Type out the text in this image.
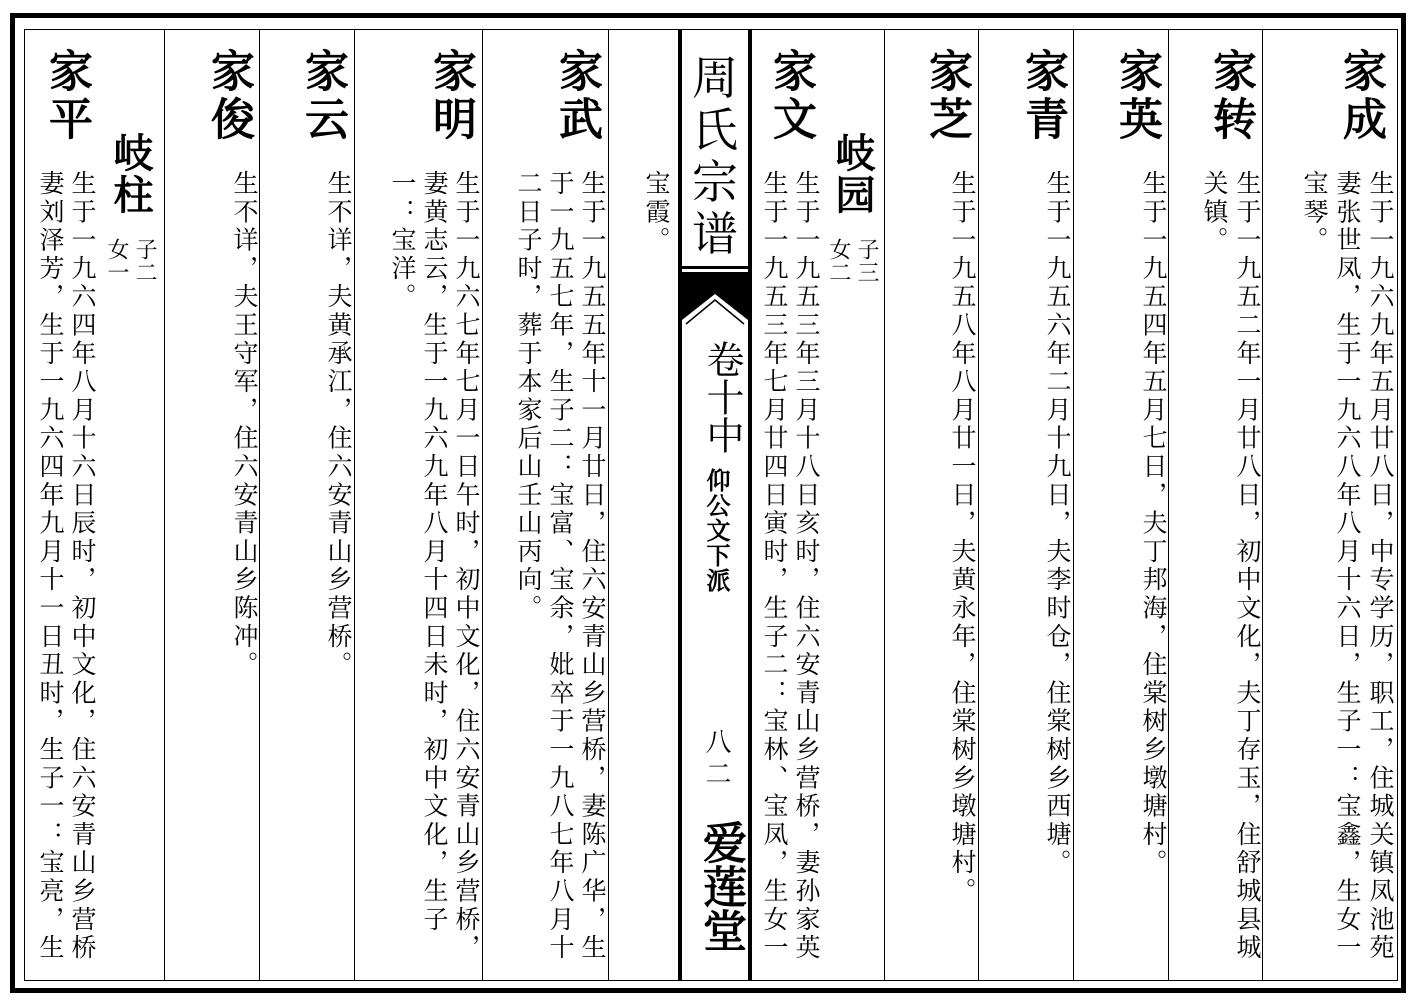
周氏宗谱
卷十中
仰公文下派
八二
爱莲堂
家成
生于一九六九年五月廿八日，中专学历，职工，住城关镇凤池苑
妻张世凤，生于一九六八年八月十六日，生子一：宝鑫，生女一
宝琴。
家转
生于一九五二年一月廿八日，初中文化，夫丁存玉，住舒城县城
关镇。
家英
生于一九五四年五月七日，夫丁邦海，住棠树乡墩塘村。
家青
生于一九五六年二月十九日，夫李时仓，住棠树乡西塘。
家芝
生于一九五八年八月廿一日，夫黄永年，住棠树乡墩塘村。
岐园
子三
女二
家文
生于一九五三年三月十八日亥时，住六安青山乡营桥，妻孙家英
生于一九五三年七月廿四日寅时，生子二：宝林、宝凤，生女一
宝霞。
家武
生于一九五五年十一月廿日，住六安青山乡营桥，妻陈广华，生
于一九五七年，生子二：宝富、宝余，妣卒于一九八七年八月十
二日子时，葬于本家后山壬山丙向。
家明
生于一九六七年七月一日午时，初中文化，住六安青山乡营桥，
妻黄志云，生于一九六九年八月十四日未时，初中文化，生子
一：宝洋。
家云
生不详，夫黄承江，住六安青山乡营桥。
家俊
生不详，夫王守军，住六安青山乡陈冲。
岐柱
子二
女一
家平
生于一九六四年八月十六日辰时，初中文化，住六安青山乡营桥
妻刘泽芳，生于一九六四年九月十一日丑时，生子一：宝亮，生
